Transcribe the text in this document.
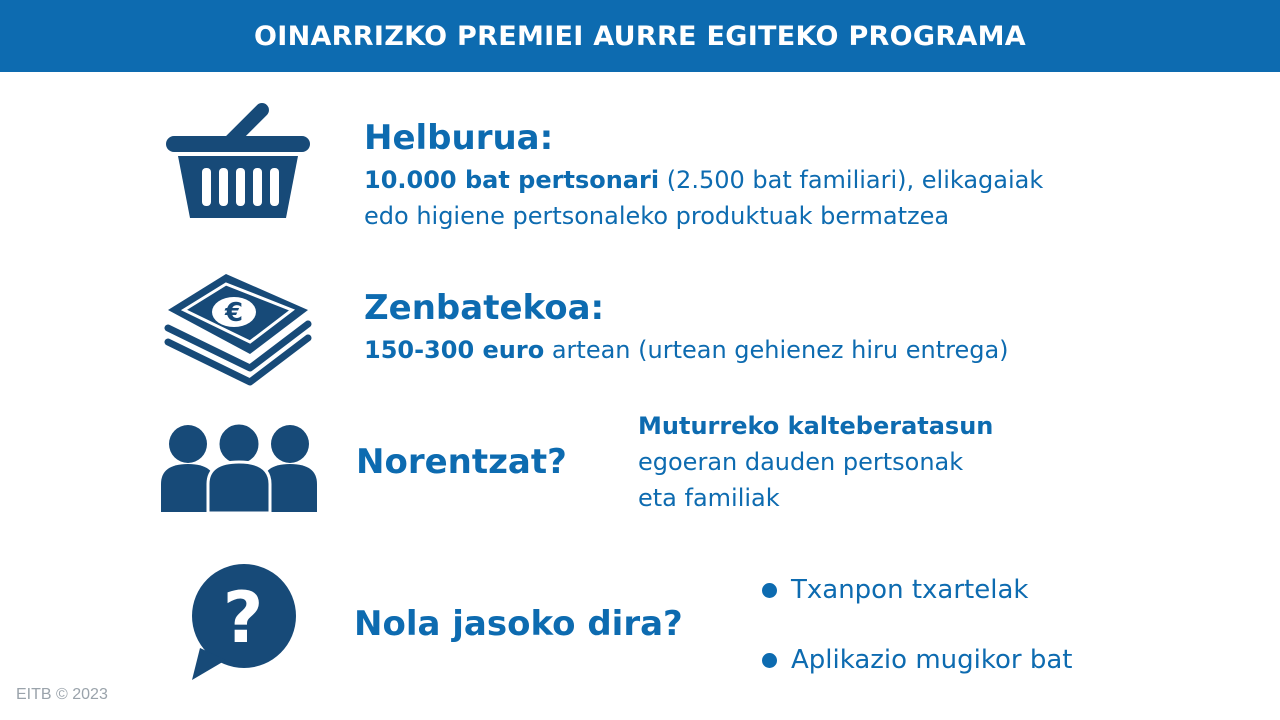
OINARRIZKO PREMIEI AURRE EGITEKO PROGRAMA
Helburua:
10.000 bat pertsonari (2.500 bat familiari), elikagaiak
edo higiene pertsonaleko produktuak bermatzea
€	Zenbatekoa:
150-300 euro artean (urtean gehienez hiru entrega)
Norentzat?
Muturreko kalteberatasun
egoeran dauden pertsonak
eta familiak
?	Nola jasoko dira?
Txanpon txartelak
Aplikazio mugikor bat
EITB © 2023
